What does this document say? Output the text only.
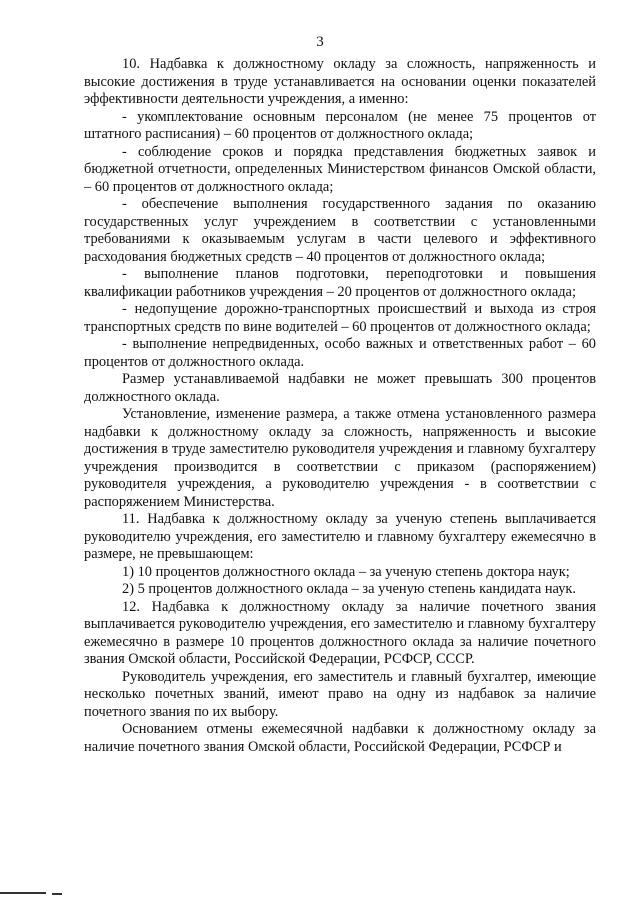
3

10. Надбавка к должностному окладу за сложность, напряженность и высокие достижения в труде устанавливается на основании оценки показателей эффективности деятельности учреждения, а именно:

- укомплектование основным персоналом (не менее 75 процентов от штатного расписания) – 60 процентов от должностного оклада;

- соблюдение сроков и порядка представления бюджетных заявок и бюджетной отчетности, определенных Министерством финансов Омской области, – 60 процентов от должностного оклада;

- обеспечение выполнения государственного задания по оказанию государственных услуг учреждением в соответствии с установленными требованиями к оказываемым услугам в части целевого и эффективного расходования бюджетных средств – 40 процентов от должностного оклада;

- выполнение планов подготовки, переподготовки и повышения квалификации работников учреждения – 20 процентов от должностного оклада;

- недопущение дорожно-транспортных происшествий и выхода из строя транспортных средств по вине водителей – 60 процентов от должностного оклада;

- выполнение непредвиденных, особо важных и ответственных работ – 60 процентов от должностного оклада.

Размер устанавливаемой надбавки не может превышать 300 процентов должностного оклада.

Установление, изменение размера, а также отмена установленного размера надбавки к должностному окладу за сложность, напряженность и высокие достижения в труде заместителю руководителя учреждения и главному бухгалтеру учреждения производится в соответствии с приказом (распоряжением) руководителя учреждения, а руководителю учреждения - в соответствии с распоряжением Министерства.

11. Надбавка к должностному окладу за ученую степень выплачивается руководителю учреждения, его заместителю и главному бухгалтеру ежемесячно в размере, не превышающем:

1) 10 процентов должностного оклада – за ученую степень доктора наук;

2) 5 процентов должностного оклада – за ученую степень кандидата наук.

12. Надбавка к должностному окладу за наличие почетного звания выплачивается руководителю учреждения, его заместителю и главному бухгалтеру ежемесячно в размере 10 процентов должностного оклада за наличие почетного звания Омской области, Российской Федерации, РСФСР, СССР.

Руководитель учреждения, его заместитель и главный бухгалтер, имеющие несколько почетных званий, имеют право на одну из надбавок за наличие почетного звания по их выбору.

Основанием отмены ежемесячной надбавки к должностному окладу за наличие почетного звания Омской области, Российской Федерации, РСФСР и
